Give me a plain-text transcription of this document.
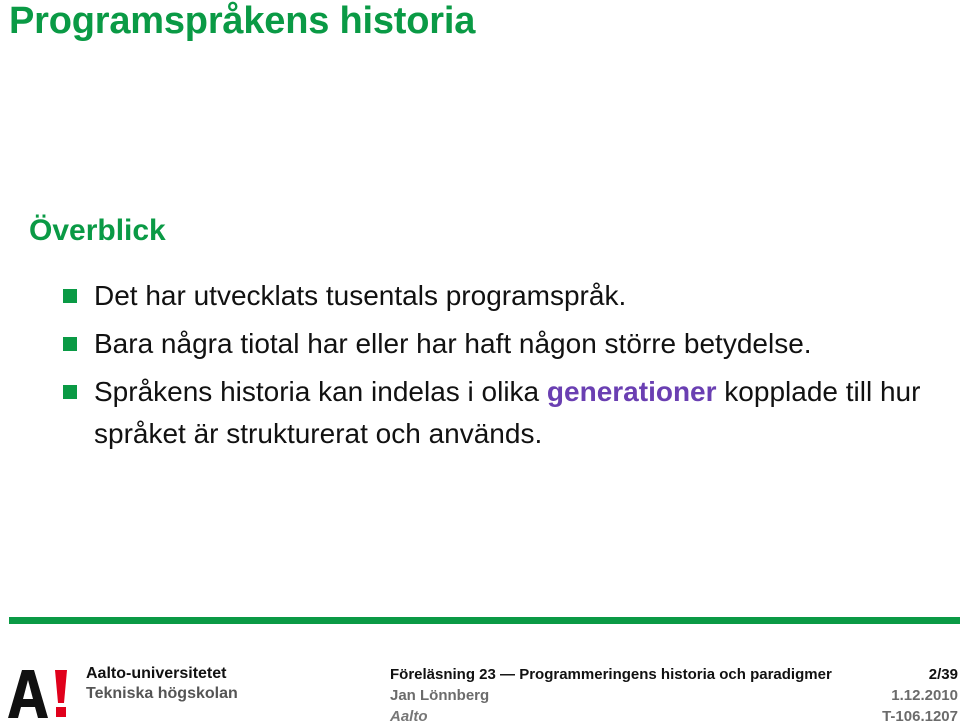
Programspråkens historia
Överblick
Det har utvecklats tusentals programspråk.
Bara några tiotal har eller har haft någon större betydelse.
Språkens historia kan indelas i olika generationer kopplade till hur språket är strukturerat och används.
Aalto-universitetet
Tekniska högskolan
Föreläsning 23 — Programmeringens historia och paradigmer	2/39
Jan Lönnberg	1.12.2010
Aalto	T-106.1207
